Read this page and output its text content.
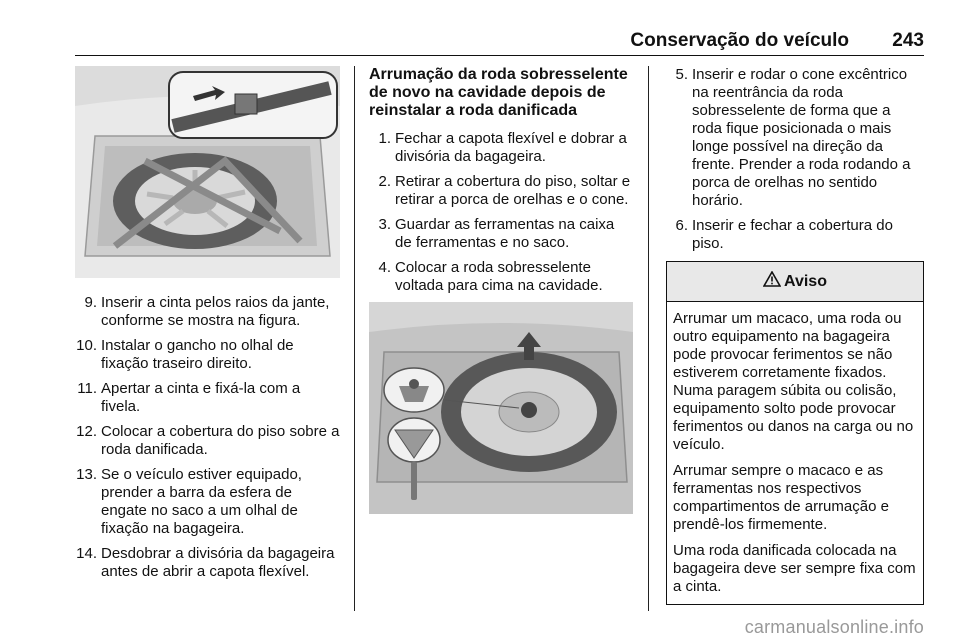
Conservação do veículo 243
9. Inserir a cinta pelos raios da jante, conforme se mostra na figura.
10. Instalar o gancho no olhal de fixação traseiro direito.
11. Apertar a cinta e fixá-la com a fivela.
12. Colocar a cobertura do piso sobre a roda danificada.
13. Se o veículo estiver equipado, prender a barra da esfera de engate no saco a um olhal de fixação na bagageira.
14. Desdobrar a divisória da bagageira antes de abrir a capota flexível.
Arrumação da roda sobresselente de novo na cavidade depois de reinstalar a roda danificada
1. Fechar a capota flexível e dobrar a divisória da bagageira.
2. Retirar a cobertura do piso, soltar e retirar a porca de orelhas e o cone.
3. Guardar as ferramentas na caixa de ferramentas e no saco.
4. Colocar a roda sobresselente voltada para cima na cavidade.
5. Inserir e rodar o cone excêntrico na reentrância da roda sobresselente de forma que a roda fique posicionada o mais longe possível na direção da frente. Prender a roda rodando a porca de orelhas no sentido horário.
6. Inserir e fechar a cobertura do piso.
Aviso

Arrumar um macaco, uma roda ou outro equipamento na bagageira pode provocar ferimentos se não estiverem corretamente fixados. Numa paragem súbita ou colisão, equipamento solto pode provocar ferimentos ou danos na carga ou no veículo.

Arrumar sempre o macaco e as ferramentas nos respectivos compartimentos de arrumação e prendê-los firmemente.

Uma roda danificada colocada na bagageira deve ser sempre fixa com a cinta.

carmanualsonline.info
